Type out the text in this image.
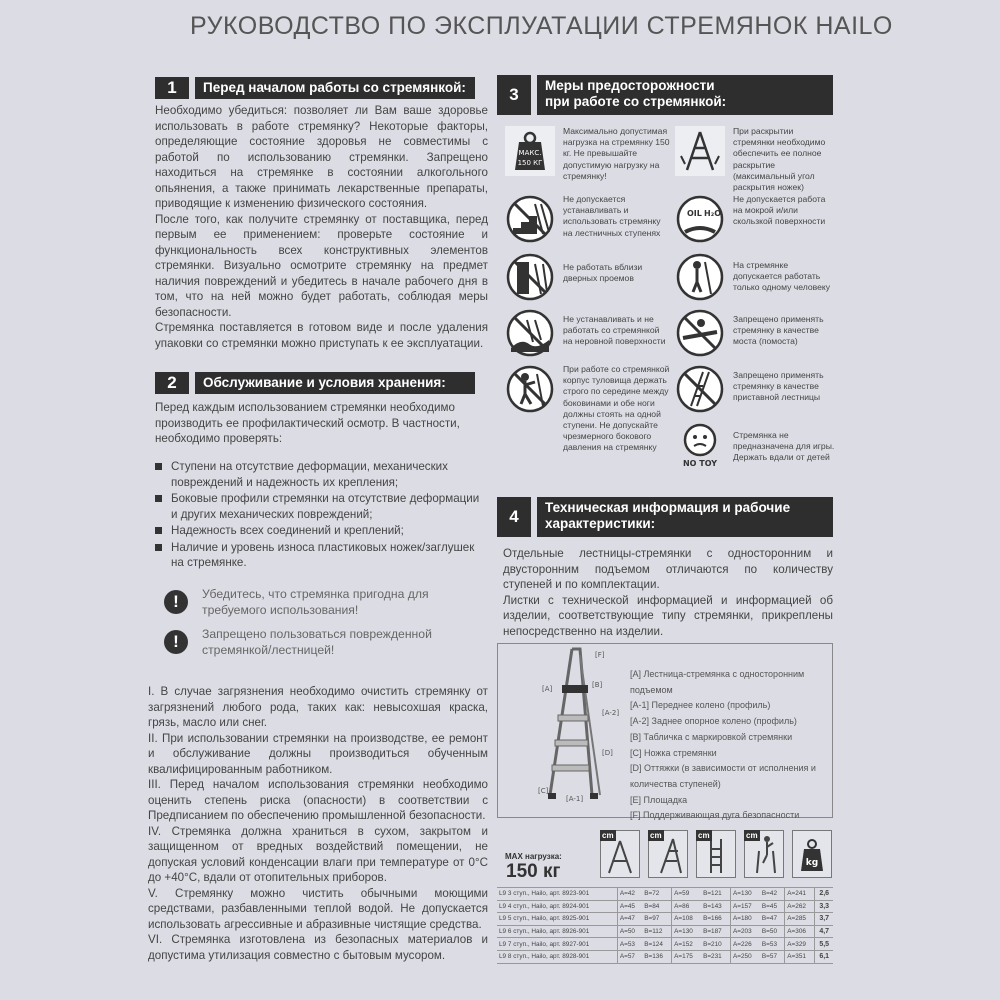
РУКОВОДСТВО ПО ЭКСПЛУАТАЦИИ СТРЕМЯНОК HAILO
1	Перед началом работы со стремянкой:

Необходимо убедиться: позволяет ли Вам ваше здоровье использовать в работе стремянку? Некоторые факторы, определяющие состояние здоровья не совместимы с работой по использованию стремянки. Запрещено находиться на стремянке в состоянии алкогольного опьянения, а также принимать лекарственные препараты, приводящие к изменению физического состояния.

После того, как получите стремянку от поставщика, перед первым ее применением: проверьте состояние и функциональность всех конструктивных элементов стремянки. Визуально осмотрите стремянку на предмет наличия повреждений и убедитесь в начале рабочего дня в том, что на ней можно будет работать, соблюдая меры безопасности.

Стремянка поставляется в готовом виде и после удаления упаковки со стремянки можно приступать к ее эксплуатации.

2	Обслуживание и условия хранения:
Перед каждым использованием стремянки необходимо производить ее профилактический осмотр. В частности, необходимо проверять:
Ступени на отсутствие деформации, механических повреждений и надежность их крепления;
Боковые профили стремянки на отсутствие деформации и других механических повреждений;
Надежность всех соединений и креплений;
Наличие и уровень износа пластиковых ножек/заглушек на стремянке.
!	Убедитесь, что стремянка пригодна для требуемого использования!
!	Запрещено пользоваться поврежденной стремянкой/лестницей!

I. В случае загрязнения необходимо очистить стремянку от загрязнений любого рода, таких как: невысохшая краска, грязь, масло или снег.

II. При использовании стремянки на производстве, ее ремонт и обслуживание должны производиться обученным квалифицированным работником.

III. Перед началом использования стремянки необходимо оценить степень риска (опасности) в соответствии с Предписанием по обеспечению промышленной безопасности.

IV. Стремянка должна храниться в сухом, закрытом и защищенном от вредных воздействий помещении, не допуская условий конденсации влаги при температуре от 0°С до +40°С, вдали от отопительных приборов.

V. Стремянку можно чистить обычными моющими средствами, разбавленными теплой водой. Не допускается использовать агрессивные и абразивные чистящие средства.

VI. Стремянка изготовлена из безопасных материалов и допустима утилизация совместно с бытовым мусором.

3	Меры предосторожности
при работе со стремянкой:
МАКС.
150 КГ
Максимально допустимая нагрузка на стремянку 150 кг. Не превышайте допустимую нагрузку на стремянку!
Не допускается устанавливать и использовать стремянку на лестничных ступенях
Не работать вблизи дверных проемов
Не устанавливать и не работать со стремянкой на неровной поверхности
При работе со стремянкой корпус туловища держать строго по середине между боковинами и обе ноги должны стоять на одной ступени. Не допускайте чрезмерного бокового давления на стремянку
При раскрытии стремянки необходимо обеспечить ее полное раскрытие (максимальный угол раскрытия ножек)
OIL H₂O
Не допускается работа на мокрой и/или скользкой поверхности
На стремянке допускается работать только одному человеку
Запрещено применять стремянку в качестве моста (помоста)
Запрещено применять стремянку в качестве приставной лестницы
NO TOY
Стремянка не предназначена для игры. Держать вдали от детей
4	Техническая информация и рабочие
характеристики:

Отдельные лестницы-стремянки с односторонним и двусторонним подъемом отличаются по количеству ступеней и по комплектации.

Листки с технической информацией и информацией об изделии, соответствующие типу стремянки, прикреплены непосредственно на изделии.

[F]
[A]	[B]
[A-2]
[D]
[C]
[A-1]
[A] Лестница-стремянка с односторонним подъемом
[A-1] Переднее колено (профиль)
[A-2] Заднее опорное колено (профиль)
[B] Табличка с маркировкой стремянки
[C] Ножка стремянки
[D] Оттяжки (в зависимости от исполнения и количества ступеней)
[E] Площадка
[F] Поддерживающая дуга безопасности
MAX нагрузка:
150 кг
cm	cm	cm	cm
kg
L9 3 ступ., Hailo, арт. 8923-901	A=42	B=72	A=59	B=121	A=130	B=42	A=241	2,6
L9 4 ступ., Hailo, арт. 8924-901	A=45	B=84	A=86	B=143	A=157	B=45	A=262	3,3
L9 5 ступ., Hailo, арт. 8925-901	A=47	B=97	A=108	B=166	A=180	B=47	A=285	3,7
L9 6 ступ., Hailo, арт. 8926-901	A=50	B=112	A=130	B=187	A=203	B=50	A=306	4,7
L9 7 ступ., Hailo, арт. 8927-901	A=53	B=124	A=152	B=210	A=226	B=53	A=329	5,5
L9 8 ступ., Hailo, арт. 8928-901	A=57	B=136	A=175	B=231	A=250	B=57	A=351	6,1
